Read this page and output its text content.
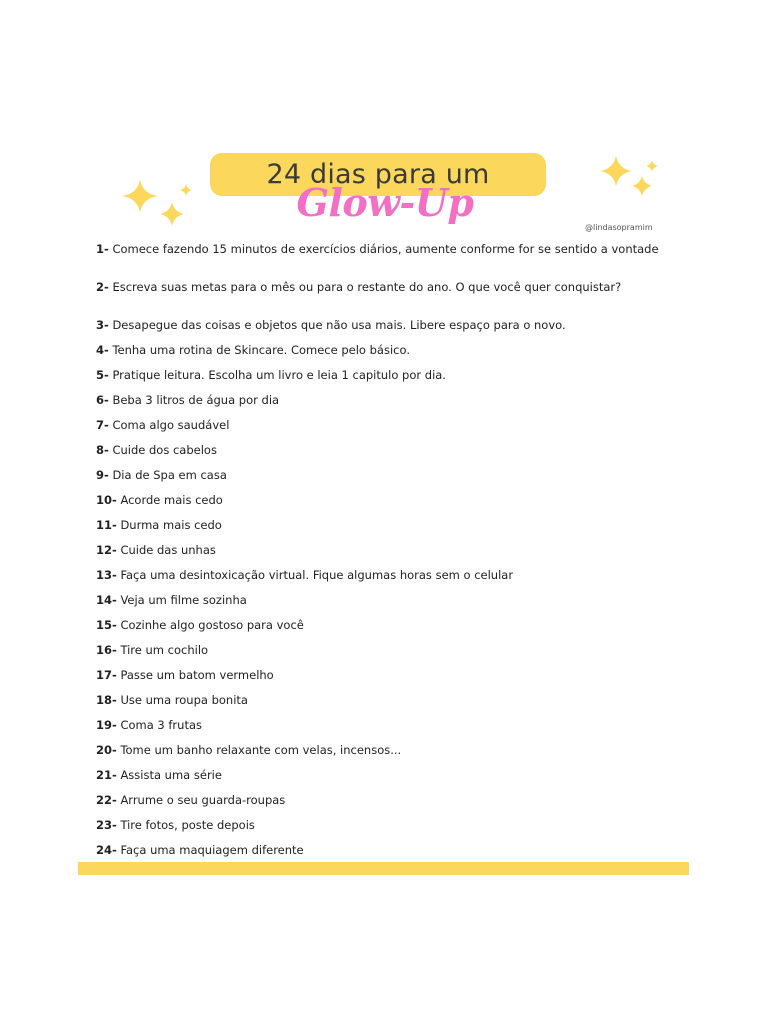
24 dias para um
Glow-Up
@lindasopramim
1- Comece fazendo 15 minutos de exercícios diários, aumente conforme for se sentido a vontade
2- Escreva suas metas para o mês ou para o restante do ano. O que você quer conquistar?
3- Desapegue das coisas e objetos que não usa mais. Libere espaço para o novo.
4- Tenha uma rotina de Skincare. Comece pelo básico.
5- Pratique leitura. Escolha um livro e leia 1 capitulo por dia.
6- Beba 3 litros de água por dia
7- Coma algo saudável
8- Cuide dos cabelos
9- Dia de Spa em casa
10- Acorde mais cedo
11- Durma mais cedo
12- Cuide das unhas
13- Faça uma desintoxicação virtual. Fique algumas horas sem o celular
14- Veja um filme sozinha
15- Cozinhe algo gostoso para você
16- Tire um cochilo
17- Passe um batom vermelho
18- Use uma roupa bonita
19- Coma 3 frutas
20- Tome um banho relaxante com velas, incensos...
21- Assista uma série
22- Arrume o seu guarda-roupas
23- Tire fotos, poste depois
24- Faça uma maquiagem diferente
